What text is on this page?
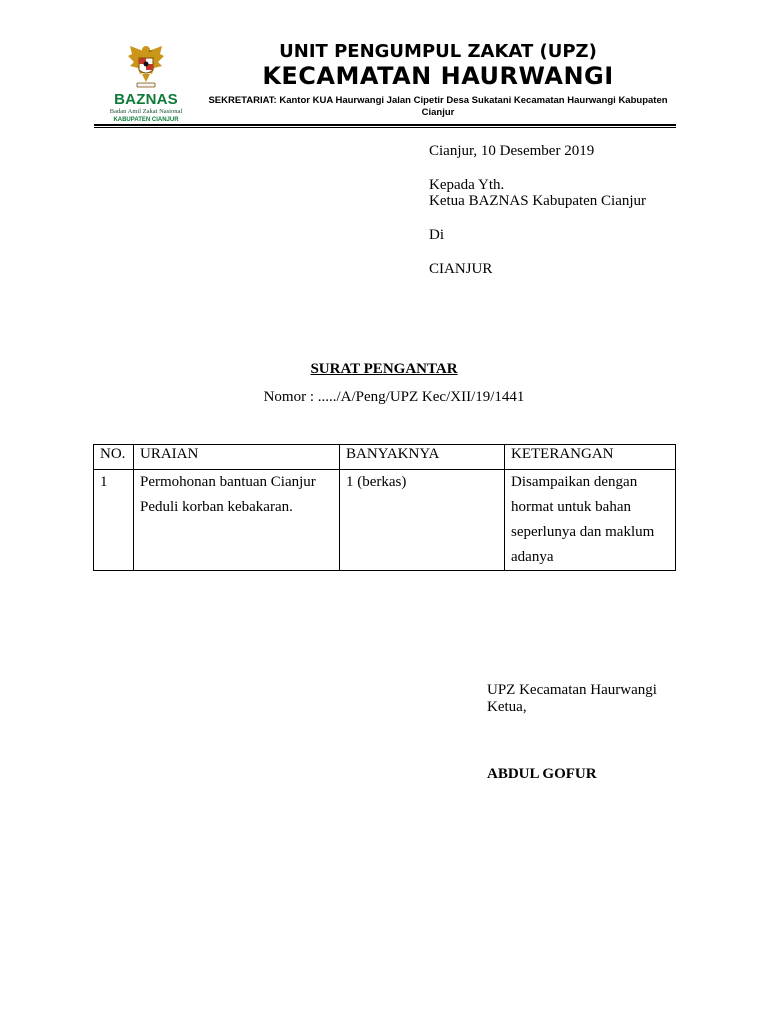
BAZNAS
Badan Amil Zakat Nasional
KABUPATEN CIANJUR
UNIT PENGUMPUL ZAKAT (UPZ)
KECAMATAN HAURWANGI
SEKRETARIAT: Kantor KUA Haurwangi Jalan Cipetir Desa Sukatani Kecamatan Haurwangi Kabupaten Cianjur
Cianjur, 10 Desember 2019
Kepada Yth.
Ketua BAZNAS Kabupaten Cianjur
Di
CIANJUR
SURAT PENGANTAR
Nomor : ...../A/Peng/UPZ Kec/XII/19/1441
NO.	URAIAN	BANYAKNYA	KETERANGAN
1	Permohonan bantuan Cianjur Peduli korban kebakaran.	1 (berkas)	Disampaikan dengan hormat untuk bahan seperlunya dan maklum adanya
UPZ Kecamatan Haurwangi
Ketua,
ABDUL GOFUR
